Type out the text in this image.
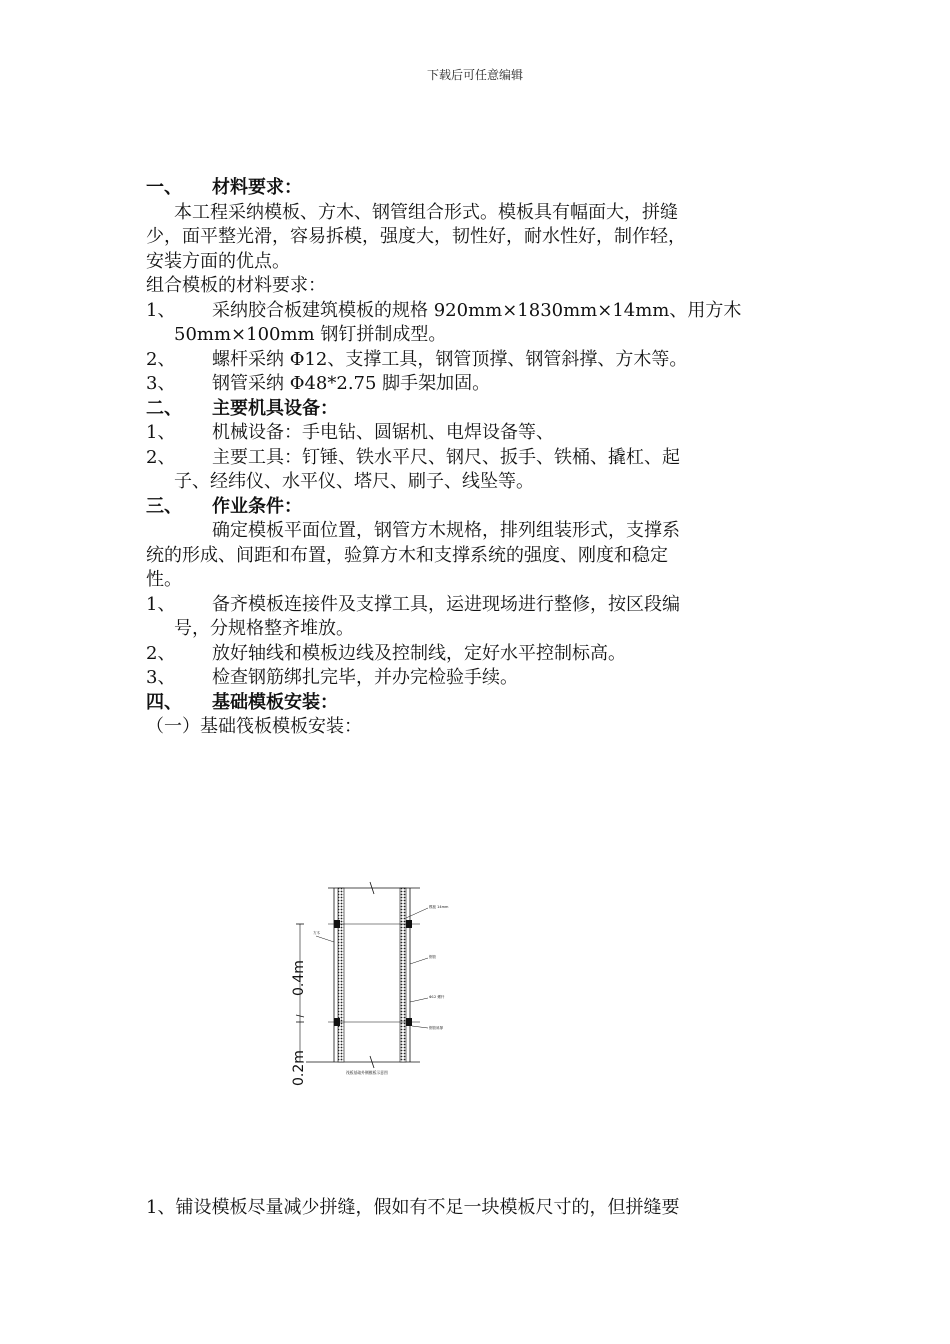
下载后可任意编辑
一、 材料要求：
本工程采纳模板、方木、钢管组合形式。模板具有幅面大，拼缝
少，面平整光滑，容易拆模，强度大，韧性好，耐水性好，制作轻，
安装方面的优点。
组合模板的材料要求：
1、 采纳胶合板建筑模板的规格 920mm×1830mm×14mm、用方木
50mm×100mm 钢钉拼制成型。
2、 螺杆采纳 Φ12、支撑工具，钢管顶撑、钢管斜撑、方木等。
3、 钢管采纳 Φ48*2.75 脚手架加固。
二、 主要机具设备：
1、 机械设备：手电钻、圆锯机、电焊设备等、
2、 主要工具：钉锤、铁水平尺、钢尺、扳手、铁桶、撬杠、起
子、经纬仪、水平仪、塔尺、刷子、线坠等。
三、 作业条件：
确定模板平面位置，钢管方木规格，排列组装形式，支撑系
统的形成、间距和布置，验算方木和支撑系统的强度、刚度和稳定
性。
1、 备齐模板连接件及支撑工具，运进现场进行整修，按区段编
号，分规格整齐堆放。
2、 放好轴线和模板边线及控制线，定好水平控制标高。
3、 检查钢筋绑扎完毕，并办完检验手续。
四、 基础模板安装：
（一）基础筏板模板安装：
0.4m
0.2m
方木
模板 14mm
钢管
Φ12 螺杆
钢管斜撑
筏板基础外侧模板示意图
1、铺设模板尽量减少拼缝，假如有不足一块模板尺寸的，但拼缝要
